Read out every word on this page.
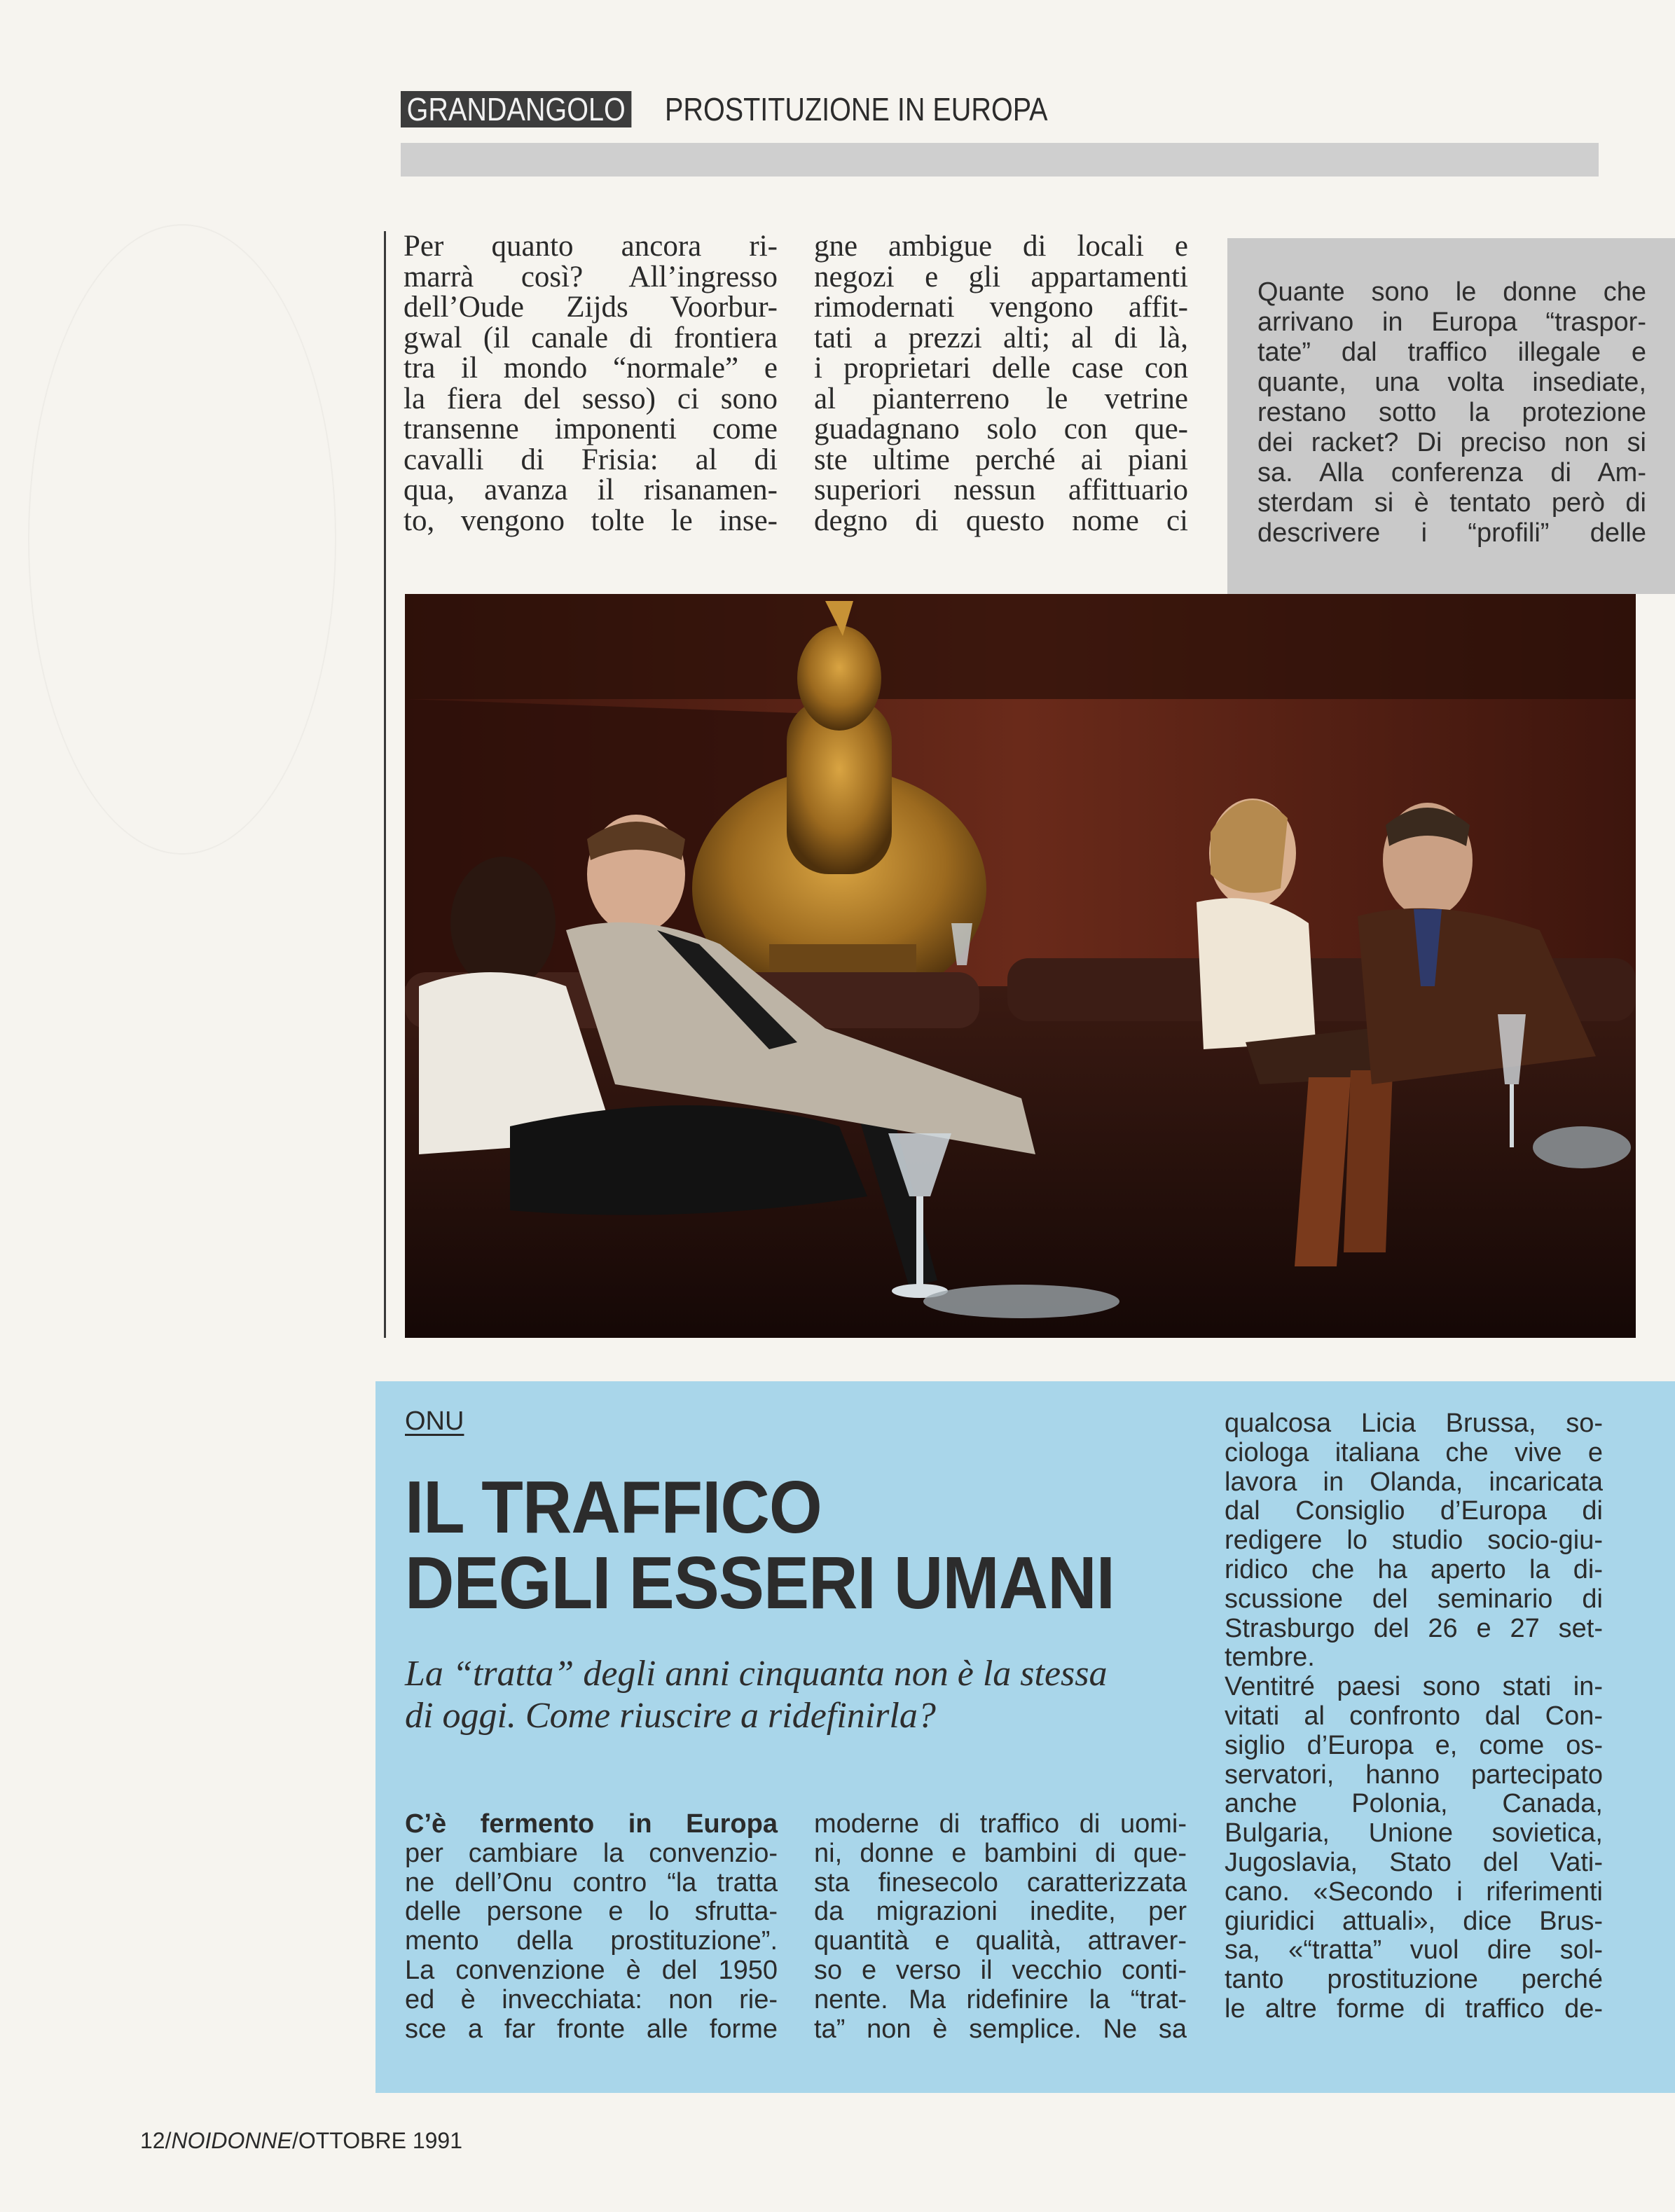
GRANDANGOLO PROSTITUZIONE IN EUROPA
Per quanto ancora ri-
marrà così? All’ingresso
dell’Oude Zijds Voorbur-
gwal (il canale di frontiera
tra il mondo “normale” e
la fiera del sesso) ci sono
transenne imponenti come
cavalli di Frisia: al di
qua, avanza il risanamen-
to, vengono tolte le inse-
gne ambigue di locali e
negozi e gli appartamenti
rimodernati vengono affit-
tati a prezzi alti; al di là,
i proprietari delle case con
al pianterreno le vetrine
guadagnano solo con que-
ste ultime perché ai piani
superiori nessun affittuario
degno di questo nome ci
Quante sono le donne che
arrivano in Europa “traspor-
tate” dal traffico illegale e
quante, una volta insediate,
restano sotto la protezione
dei racket? Di preciso non si
sa. Alla conferenza di Am-
sterdam si è tentato però di
descrivere i “profili” delle
ONU
IL TRAFFICO
DEGLI ESSERI UMANI
La “tratta” degli anni cinquanta non è la stessa
di oggi. Come riuscire a ridefinirla?
C’è fermento in Europa
per cambiare la convenzio-
ne dell’Onu contro “la tratta
delle persone e lo sfrutta-
mento della prostituzione”.
La convenzione è del 1950
ed è invecchiata: non rie-
sce a far fronte alle forme
moderne di traffico di uomi-
ni, donne e bambini di que-
sta finesecolo caratterizzata
da migrazioni inedite, per
quantità e qualità, attraver-
so e verso il vecchio conti-
nente. Ma ridefinire la “trat-
ta” non è semplice. Ne sa
qualcosa Licia Brussa, so-
ciologa italiana che vive e
lavora in Olanda, incaricata
dal Consiglio d’Europa di
redigere lo studio socio-giu-
ridico che ha aperto la di-
scussione del seminario di
Strasburgo del 26 e 27 set-
tembre.
Ventitré paesi sono stati in-
vitati al confronto dal Con-
siglio d’Europa e, come os-
servatori, hanno partecipato
anche Polonia, Canada,
Bulgaria, Unione sovietica,
Jugoslavia, Stato del Vati-
cano. «Secondo i riferimenti
giuridici attuali», dice Brus-
sa, «“tratta” vuol dire sol-
tanto prostituzione perché
le altre forme di traffico de-
12/NOIDONNE/OTTOBRE 1991
